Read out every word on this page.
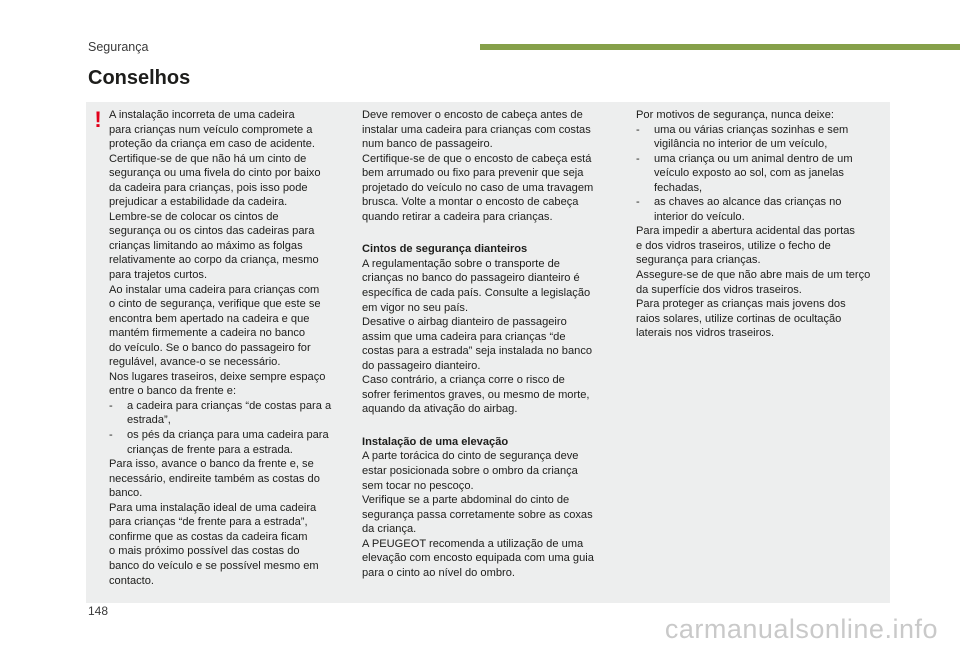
Segurança
Conselhos
! A instalação incorreta de uma cadeira

para crianças num veículo compromete a

proteção da criança em caso de acidente.

Certifique-se de que não há um cinto de

segurança ou uma fivela do cinto por baixo

da cadeira para crianças, pois isso pode

prejudicar a estabilidade da cadeira.

Lembre-se de colocar os cintos de

segurança ou os cintos das cadeiras para

crianças limitando ao máximo as folgas

relativamente ao corpo da criança, mesmo

para trajetos curtos.

Ao instalar uma cadeira para crianças com

o cinto de segurança, verifique que este se

encontra bem apertado na cadeira e que

mantém firmemente a cadeira no banco

do veículo. Se o banco do passageiro for

regulável, avance-o se necessário.

Nos lugares traseiros, deixe sempre espaço

entre o banco da frente e:

- a cadeira para crianças “de costas para a

estrada”,

- os pés da criança para uma cadeira para

crianças de frente para a estrada.

Para isso, avance o banco da frente e, se

necessário, endireite também as costas do

banco.

Para uma instalação ideal de uma cadeira

para crianças “de frente para a estrada”,

confirme que as costas da cadeira ficam

o mais próximo possível das costas do

banco do veículo e se possível mesmo em

contacto.

Deve remover o encosto de cabeça antes de

instalar uma cadeira para crianças com costas

num banco de passageiro.

Certifique-se de que o encosto de cabeça está

bem arrumado ou fixo para prevenir que seja

projetado do veículo no caso de uma travagem

brusca. Volte a montar o encosto de cabeça

quando retirar a cadeira para crianças.

Cintos de segurança dianteiros

A regulamentação sobre o transporte de

crianças no banco do passageiro dianteiro é

específica de cada país. Consulte a legislação

em vigor no seu país.

Desative o airbag dianteiro de passageiro

assim que uma cadeira para crianças “de

costas para a estrada” seja instalada no banco

do passageiro dianteiro.

Caso contrário, a criança corre o risco de

sofrer ferimentos graves, ou mesmo de morte,

aquando da ativação do airbag.

Instalação de uma elevação

A parte torácica do cinto de segurança deve

estar posicionada sobre o ombro da criança

sem tocar no pescoço.

Verifique se a parte abdominal do cinto de

segurança passa corretamente sobre as coxas

da criança.

A PEUGEOT recomenda a utilização de uma

elevação com encosto equipada com uma guia

para o cinto ao nível do ombro.

Por motivos de segurança, nunca deixe:

- uma ou várias crianças sozinhas e sem

vigilância no interior de um veículo,

- uma criança ou um animal dentro de um

veículo exposto ao sol, com as janelas

fechadas,

- as chaves ao alcance das crianças no

interior do veículo.

Para impedir a abertura acidental das portas

e dos vidros traseiros, utilize o fecho de

segurança para crianças.

Assegure-se de que não abre mais de um terço

da superfície dos vidros traseiros.

Para proteger as crianças mais jovens dos

raios solares, utilize cortinas de ocultação

laterais nos vidros traseiros.

148
carmanualsonline.info
